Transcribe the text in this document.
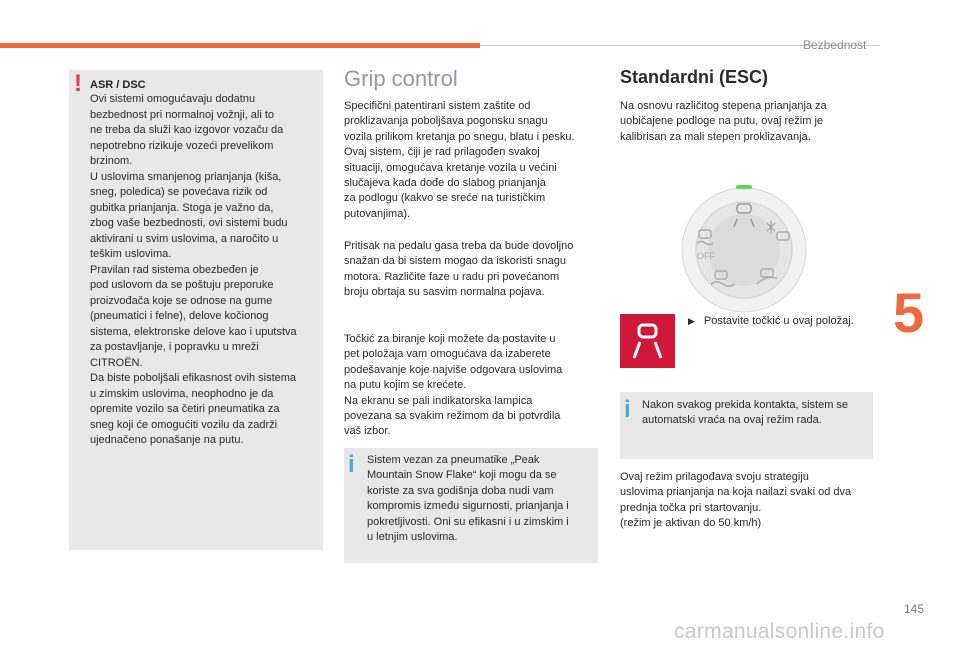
Bezbednost
5
ASR / DSC
Ovi sistemi omogućavaju dodatnu
bezbednost pri normalnoj vožnji, ali to
ne treba da služi kao izgovor vozaču da
nepotrebno rizikuje vozeći prevelikom
brzinom.
U uslovima smanjenog prianjanja (kiša,
sneg, poledica) se povećava rizik od
gubitka prianjanja. Stoga je važno da,
zbog vaše bezbednosti, ovi sistemi budu
aktivirani u svim uslovima, a naročito u
teškim uslovima.
Pravilan rad sistema obezbeđen je
pod uslovom da se poštuju preporuke
proizvođača koje se odnose na gume
(pneumatici i felne), delove kočionog
sistema, elektronske delove kao i uputstva
za postavljanje, i popravku u mreži
CITROËN.
Da biste poboljšali efikasnost ovih sistema
u zimskim uslovima, neophodno je da
opremite vozilo sa četiri pneumatika za
sneg koji će omogućiti vozilu da zadrži
ujednačeno ponašanje na putu.
!	Grip control
Specifični patentirani sistem zaštite od
proklizavanja poboljšava pogonsku snagu
vozila prilikom kretanja po snegu, blatu i pesku.
Ovaj sistem, čiji je rad prilagođen svakoj
situaciji, omogućava kretanje vozila u većini
slučajeva kada dođe do slabog prianjanja
za podlogu (kakvo se sreće na turističkim
putovanjima).
Pritisak na pedalu gasa treba da bude dovoljno
snažan da bi sistem mogao da iskoristi snagu
motora. Različite faze u radu pri povećanom
broju obrtaja su sasvim normalna pojava.
Točkić za biranje koji možete da postavite u
pet položaja vam omogućava da izaberete
podešavanje koje najviše odgovara uslovima
na putu kojim se krećete.
Na ekranu se pali indikatorska lampica
povezana sa svakim režimom da bi potvrdila
vaš izbor.
i Sistem vezan za pneumatike „Peak
Mountain Snow Flake“ koji mogu da se
koriste za sva godišnja doba nudi vam
kompromis između sigurnosti, prianjanja i
pokretljivosti. Oni su efikasni i u zimskim i
u letnjim uslovima.
Standardni (ESC)
Na osnovu različitog stepena prianjanja za
uobičajene podloge na putu, ovaj režim je
kalibrisan za mali stepen proklizavanja.
OFF
▶ Postavite točkić u ovaj položaj.
i Nakon svakog prekida kontakta, sistem se
automatski vraća na ovaj režim rada.
Ovaj režim prilagođava svoju strategiju
uslovima prianjanja na koja nailazi svaki od dva
prednja točka pri startovanju.
(režim je aktivan do 50 km/h)
145
carmanualsonline.info
